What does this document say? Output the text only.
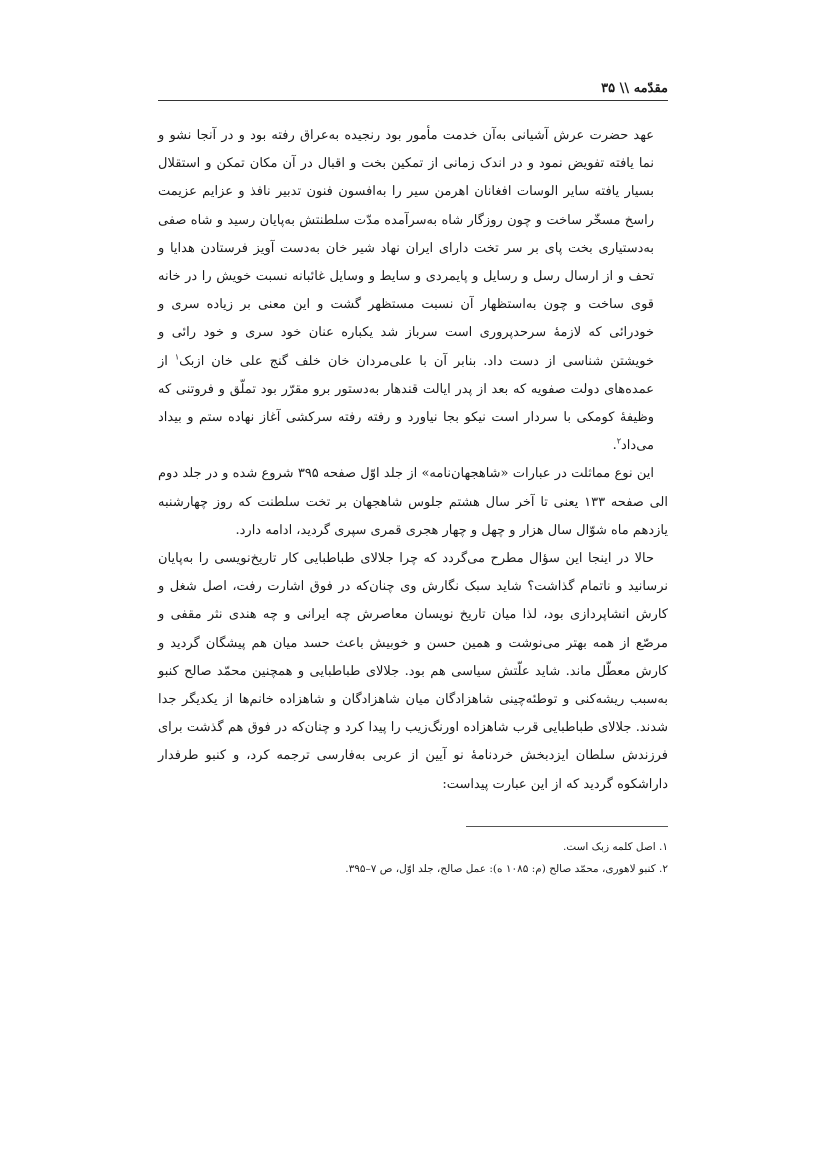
مقدّمه \\ ۳۵

عهد حضرت عرش آشیانی به‌آن خدمت مأمور بود رنجیده به‌عراق رفته بود و در آنجا نشو و نما یافته تفویض نمود و در اندک زمانی از تمکین بخت و اقبال در آن مکان تمکن و استقلال بسیار یافته سایر الوسات افغانان اهرمن سیر را به‌افسون فنون تدبیر نافذ و عزایم عزیمت راسخ مسخّر ساخت و چون روزگار شاه به‌سرآمده مدّت سلطنتش به‌پایان رسید و شاه صفی به‌دستیاری بخت پای بر سر تخت دارای ایران نهاد شیر خان به‌دست آویز فرستادن هدایا و تحف و از ارسال رسل و رسایل و پایمردی و سایط و وسایل غائبانه نسبت خویش را در خانه قوی ساخت و چون به‌استظهار آن نسبت مستظهر گشت و این معنی بر زیاده سری و خودرائی که لازمهٔ سرحدپروری است سرباز شد یکباره عنان خود سری و خود رائی و خویشتن شناسی از دست داد. بنابر آن با علی‌مردان خان خلف گنج علی خان ازبک$^۱$ از عمده‌های دولت صفویه که بعد از پدر ایالت قندهار به‌دستور برو مقرّر بود تملّق و فروتنی که وظیفهٔ کومکی با سردار است نیکو بجا نیاورد و رفته رفته سرکشی آغاز نهاده ستم و بیداد می‌داد$^۲$.

این نوع مماثلت در عبارات «شاهجهان‌نامه» از جلد اوّل صفحه ۳۹۵ شروع شده و در جلد دوم الی صفحه ۱۳۳ یعنی تا آخر سال هشتم جلوس شاهجهان بر تخت سلطنت که روز چهارشنبه یازدهم ماه شوّال سال هزار و چهل و چهار هجری قمری سپری گردید، ادامه دارد.

حالا در اینجا این سؤال مطرح می‌گردد که چرا جلالای طباطبایی کار تاریخ‌نویسی را به‌پایان نرسانید و ناتمام گذاشت؟ شاید سبک نگارش وی چنان‌که در فوق اشارت رفت، اصل شغل و کارش انشاپردازی بود، لذا میان تاریخ نویسان معاصرش چه ایرانی و چه هندی نثر مقفی و مرصّع از همه بهتر می‌نوشت و همین حسن و خوبیش باعث حسد میان هم پیشگان گردید و کارش معطّل ماند. شاید علّتش سیاسی هم بود. جلالای طباطبایی و همچنین محمّد صالح کنبو به‌سبب ریشه‌کنی و توطئه‌چینی شاهزادگان میان شاهزادگان و شاهزاده خانم‌ها از یکدیگر جدا شدند. جلالای طباطبایی قرب شاهزاده اورنگ‌زیب را پیدا کرد و چنان‌که در فوق هم گذشت برای فرزندش سلطان ایزدبخش خردنامهٔ نو آیین از عربی به‌فارسی ترجمه کرد، و کنبو طرفدار داراشکوه گردید که از این عبارت پیداست:

۱. اصل کلمه زبک است.

۲. کنبو لاهوری، محمّد صالح (م: ۱۰۸۵ ه): عمل صالح، جلد اوّل، ص ۷–۳۹۵.
